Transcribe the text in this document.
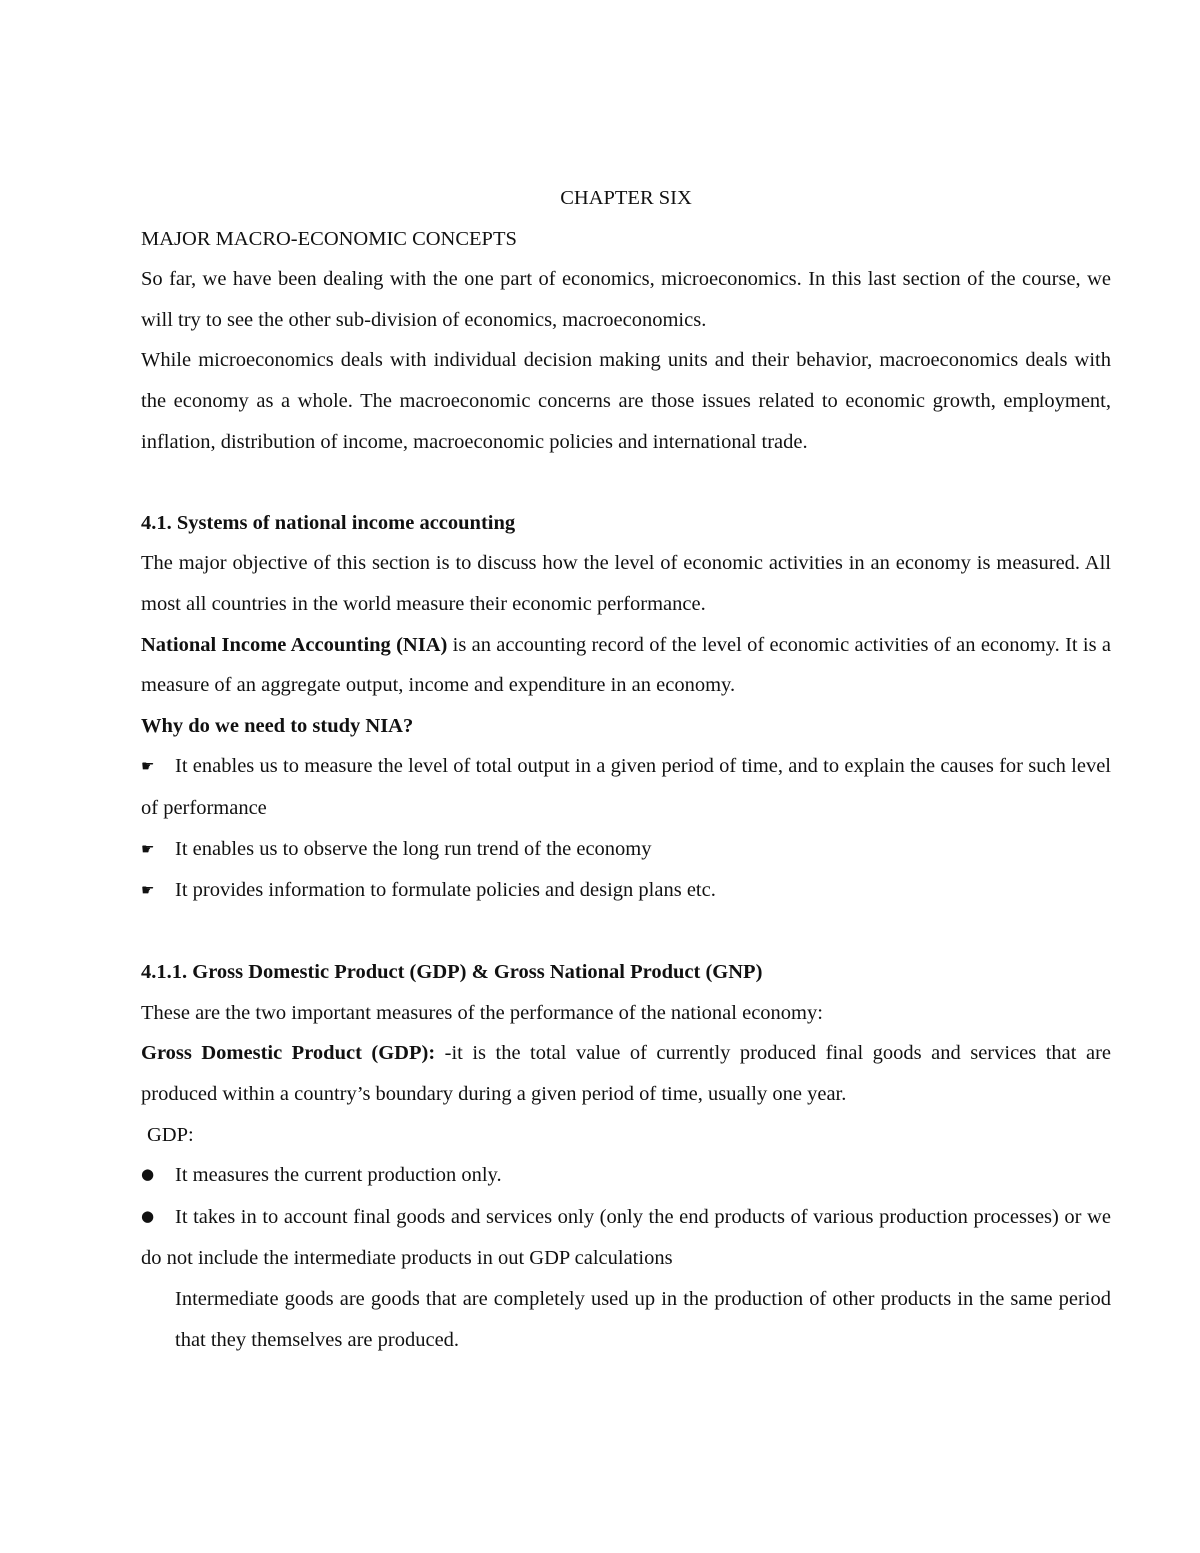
CHAPTER SIX

MAJOR MACRO-ECONOMIC CONCEPTS

So far, we have been dealing with the one part of economics, microeconomics. In this last section of the course, we will try to see the other sub-division of economics, macroeconomics.

While microeconomics deals with individual decision making units and their behavior, macroeconomics deals with the economy as a whole. The macroeconomic concerns are those issues related to economic growth, employment, inflation, distribution of income, macroeconomic policies and international trade.

4.1. Systems of national income accounting

The major objective of this section is to discuss how the level of economic activities in an economy is measured. All most all countries in the world measure their economic performance.

National Income Accounting (NIA) is an accounting record of the level of economic activities of an economy. It is a measure of an aggregate output, income and expenditure in an economy.

Why do we need to study NIA?

☛ It enables us to measure the level of total output in a given period of time, and to explain the causes for such level of performance
☛ It enables us to observe the long run trend of the economy
☛ It provides information to formulate policies and design plans etc.

4.1.1. Gross Domestic Product (GDP) & Gross National Product (GNP)

These are the two important measures of the performance of the national economy:

Gross Domestic Product (GDP): -it is the total value of currently produced final goods and services that are produced within a country’s boundary during a given period of time, usually one year.

GDP:

● It measures the current production only.
● It takes in to account final goods and services only (only the end products of various production processes) or we do not include the intermediate products in out GDP calculations

Intermediate goods are goods that are completely used up in the production of other products in the same period that they themselves are produced.
